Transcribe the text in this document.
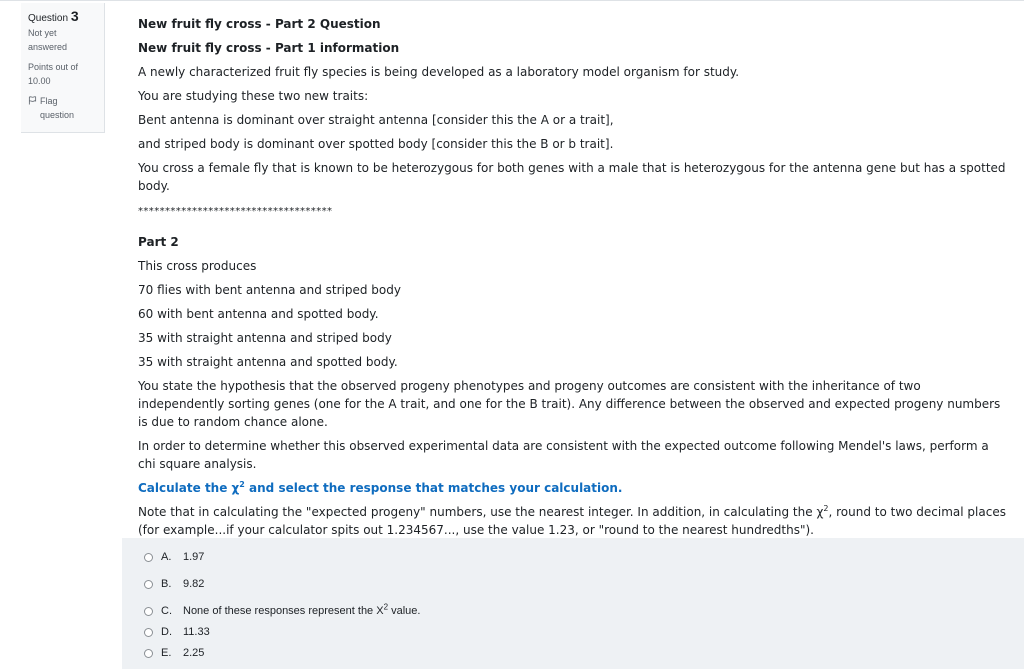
Question 3
Not yet
answered
Points out of
10.00
Flag
question

New fruit fly cross - Part 2 Question

New fruit fly cross - Part 1 information

A newly characterized fruit fly species is being developed as a laboratory model organism for study.

You are studying these two new traits:

Bent antenna is dominant over straight antenna [consider this the A or a trait],

and striped body is dominant over spotted body [consider this the B or b trait].

You cross a female fly that is known to be heterozygous for both genes with a male that is heterozygous for the antenna gene but has a spotted body.

************************************

Part 2

This cross produces

70 flies with bent antenna and striped body

60 with bent antenna and spotted body.

35 with straight antenna and striped body

35 with straight antenna and spotted body.

You state the hypothesis that the observed progeny phenotypes and progeny outcomes are consistent with the inheritance of two independently sorting genes (one for the A trait, and one for the B trait). Any difference between the observed and expected progeny numbers is due to random chance alone.

In order to determine whether this observed experimental data are consistent with the expected outcome following Mendel's laws, perform a chi square analysis.

Calculate the $\chi^2$ and select the response that matches your calculation.

Note that in calculating the "expected progeny" numbers, use the nearest integer. In addition, in calculating the $\chi^2$, round to two decimal places (for example...if your calculator spits out 1.234567..., use the value 1.23, or "round to the nearest hundredths").

A.	1.97
B.	9.82
C.	None of these responses represent the $X^2$ value.
D.	11.33
E.	2.25
